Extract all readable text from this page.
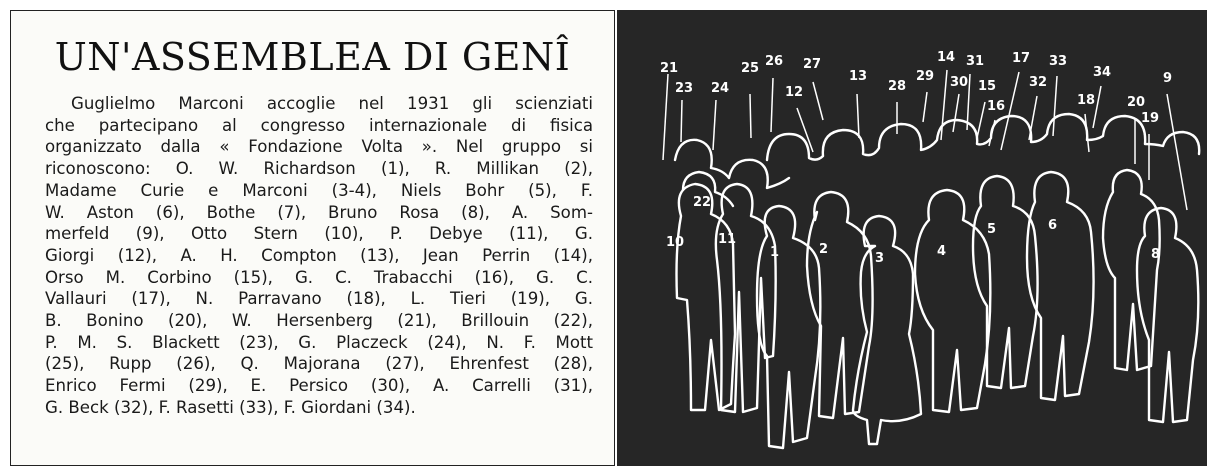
UN'ASSEMBLEA DI GENÎ

Guglielmo Marconi accoglie nel 1931 gli scienziati
che partecipano al congresso internazionale di fisica
organizzato dalla « Fondazione Volta ». Nel gruppo si
riconoscono: O. W. Richardson (1), R. Millikan (2),
Madame Curie e Marconi (3-4), Niels Bohr (5), F.
W. Aston (6), Bothe (7), Bruno Rosa (8), A. Som-
merfeld (9), Otto Stern (10), P. Debye (11), G.
Giorgi (12), A. H. Compton (13), Jean Perrin (14),
Orso M. Corbino (15), G. C. Trabacchi (16), G. C.
Vallauri (17), N. Parravano (18), L. Tieri (19), G.
B. Bonino (20), W. Hersenberg (21), Brillouin (22),
P. M. S. Blackett (23), G. Placzeck (24), N. F. Mott
(25), Rupp (26), Q. Majorana (27), Ehrenfest (28),
Enrico Fermi (29), E. Persico (30), A. Carrelli (31),
G. Beck (32), F. Rasetti (33), F. Giordani (34).

21
23 24
25 26 27
12
13
28
29
14
30
31
15
16
17
32
33
18
34
20
9
19
22
10	11
1	2
3	4
5	6
8
